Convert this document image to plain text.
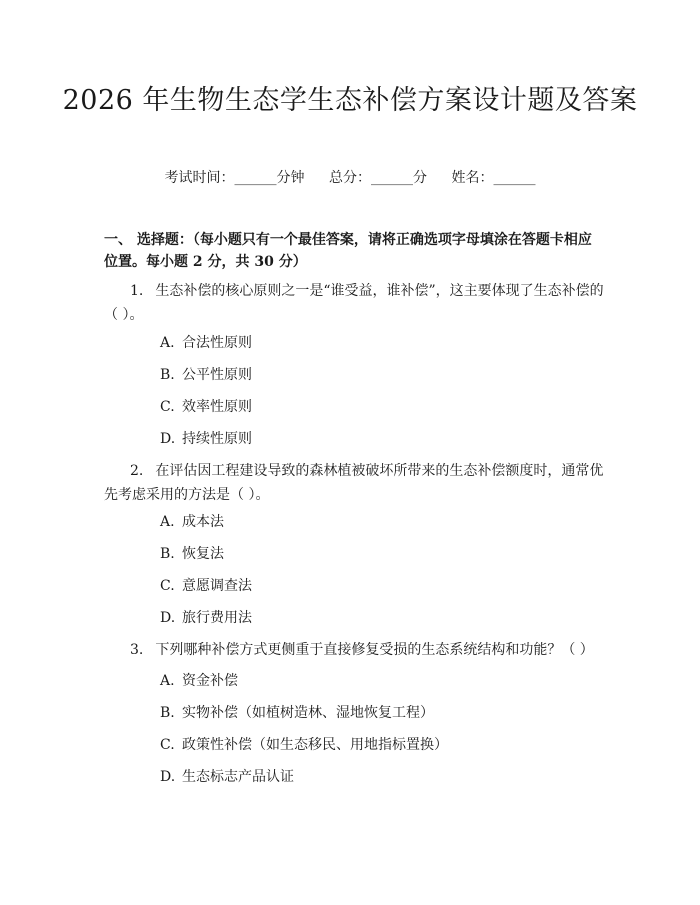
2026 年生物生态学生态补偿方案设计题及答案
考试时间：______分钟 总分：______分 姓名：______
一、 选择题：（每小题只有一个最佳答案，请将正确选项字母填涂在答题卡相应位置。每小题 2 分，共 30 分）
1. 生态补偿的核心原则之一是“谁受益，谁补偿”，这主要体现了生态补偿的（ ）。
A. 合法性原则
B. 公平性原则
C. 效率性原则
D. 持续性原则
2. 在评估因工程建设导致的森林植被破坏所带来的生态补偿额度时，通常优先考虑采用的方法是（ ）。
A. 成本法
B. 恢复法
C. 意愿调查法
D. 旅行费用法
3. 下列哪种补偿方式更侧重于直接修复受损的生态系统结构和功能？（ ）
A. 资金补偿
B. 实物补偿（如植树造林、湿地恢复工程）
C. 政策性补偿（如生态移民、用地指标置换）
D. 生态标志产品认证
